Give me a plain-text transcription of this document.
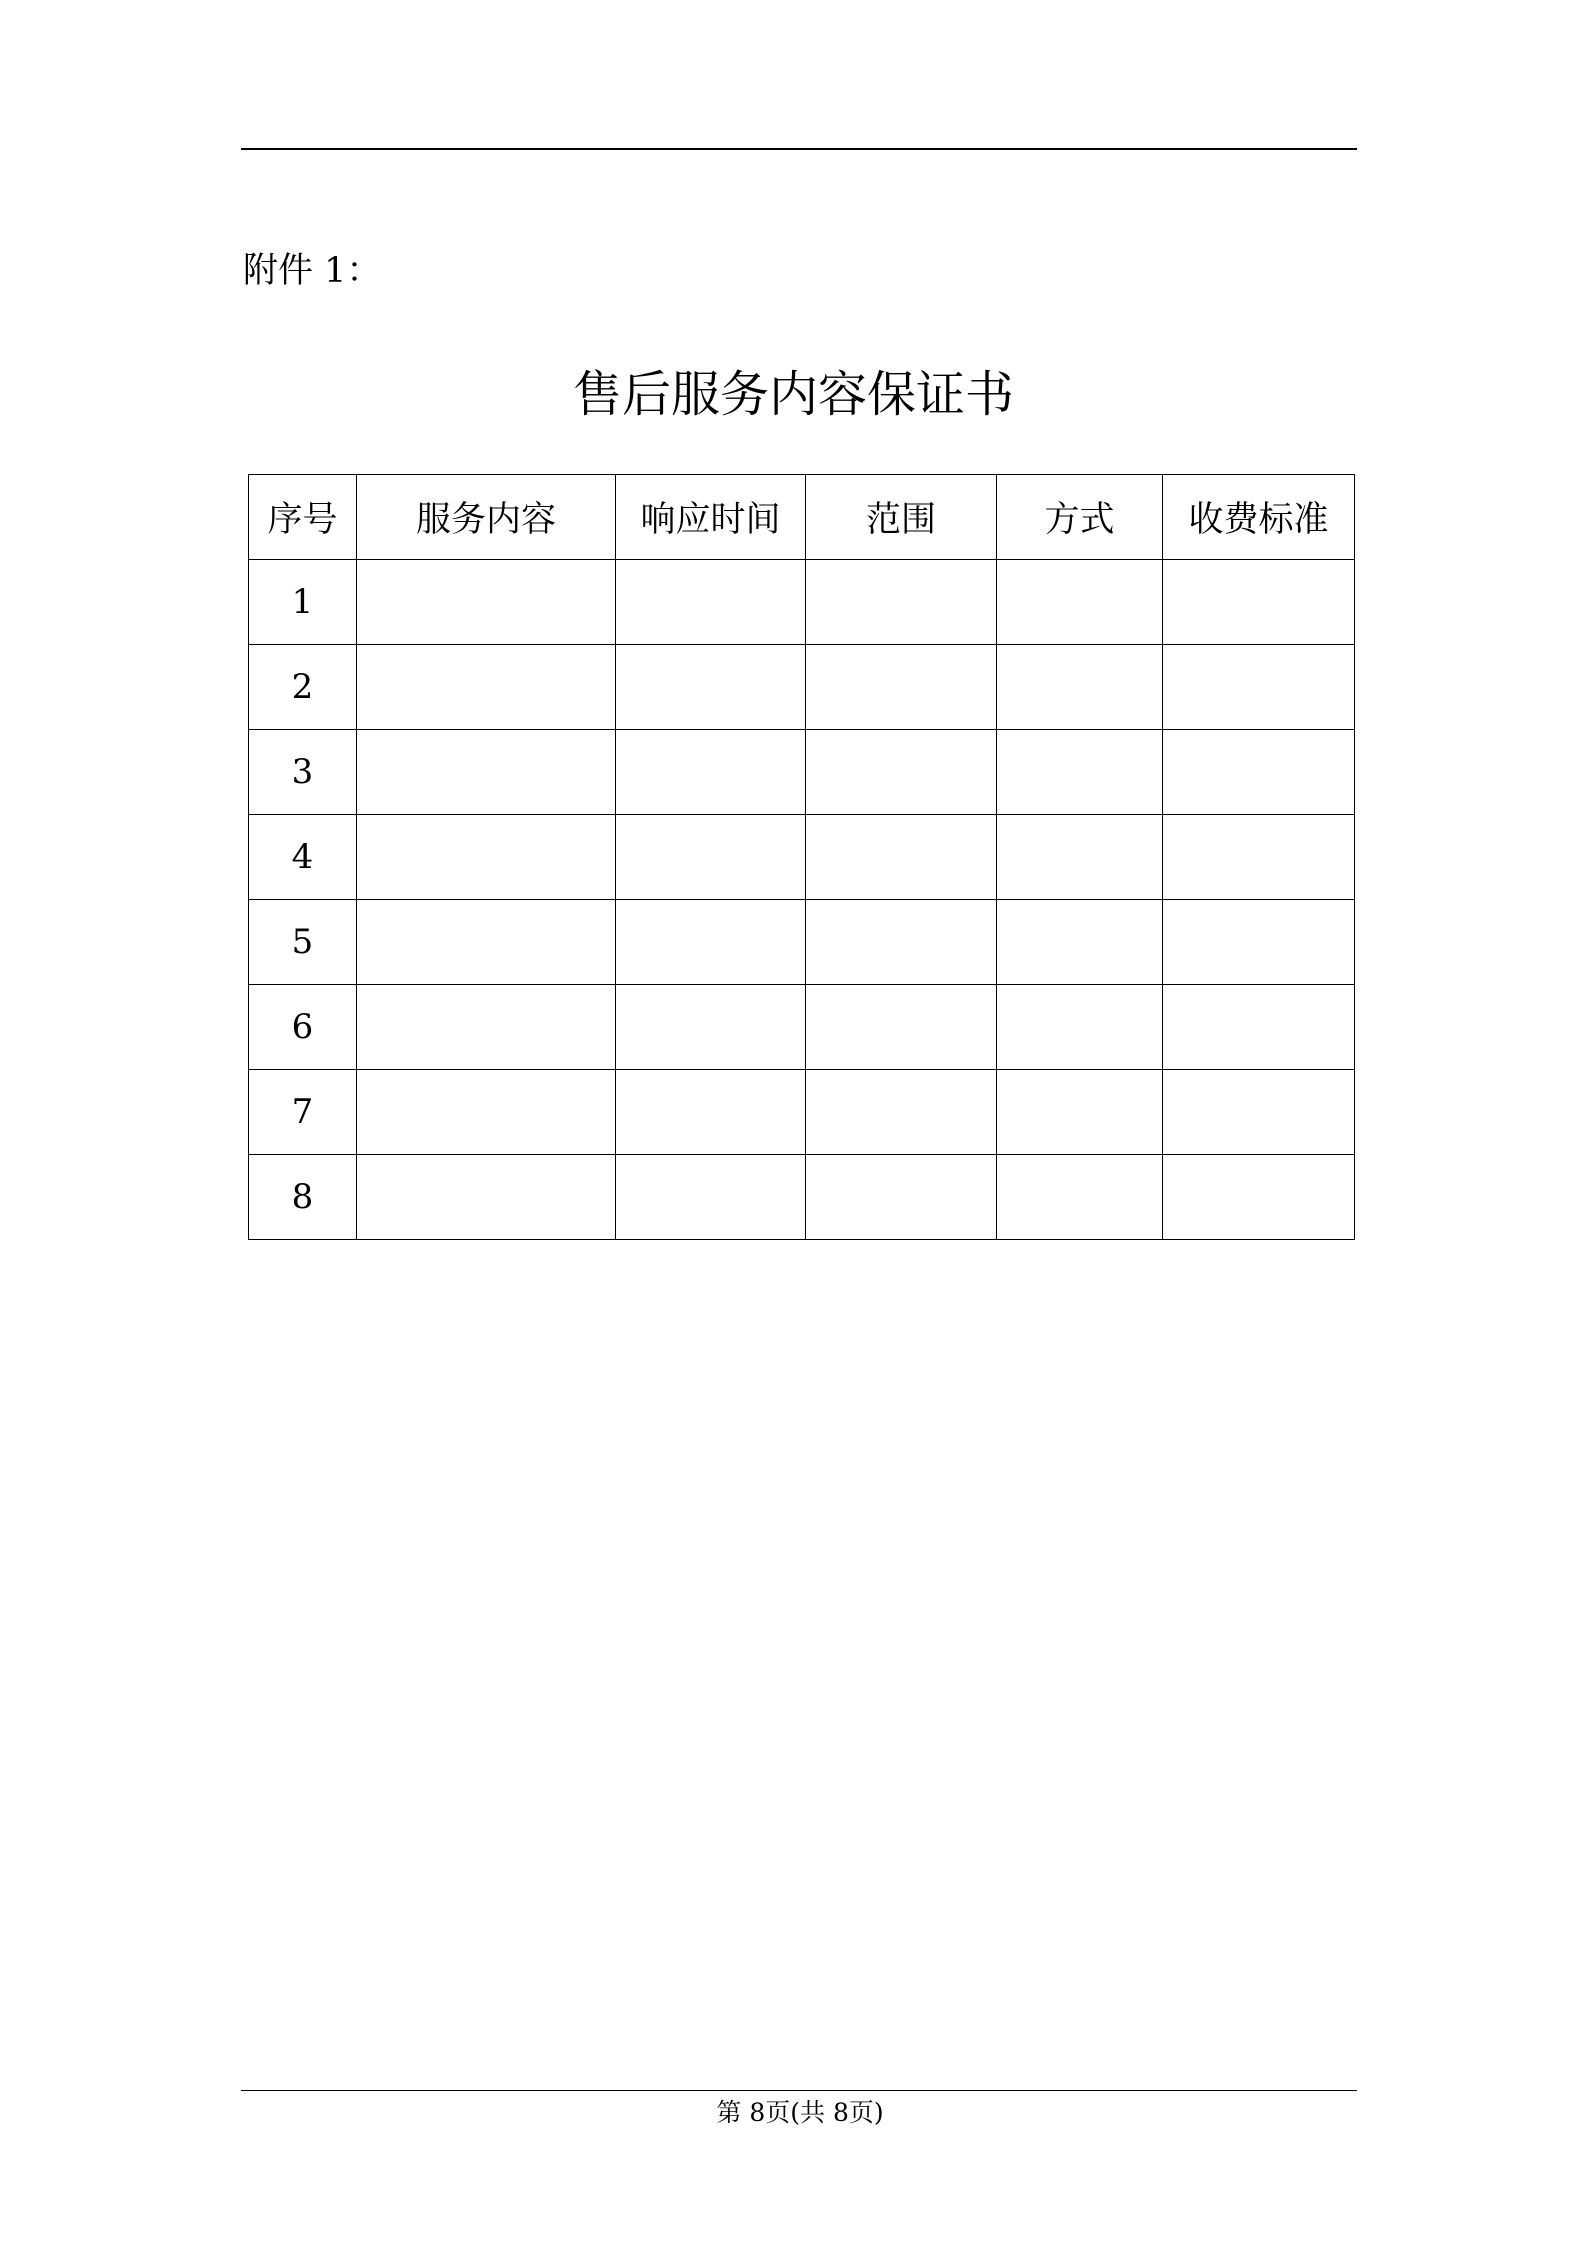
附件 1：
售后服务内容保证书
序号	服务内容	响应时间	范围	方式	收费标准
1					
2					
3					
4					
5					
6					
7					
8					
第 8页(共 8页)
